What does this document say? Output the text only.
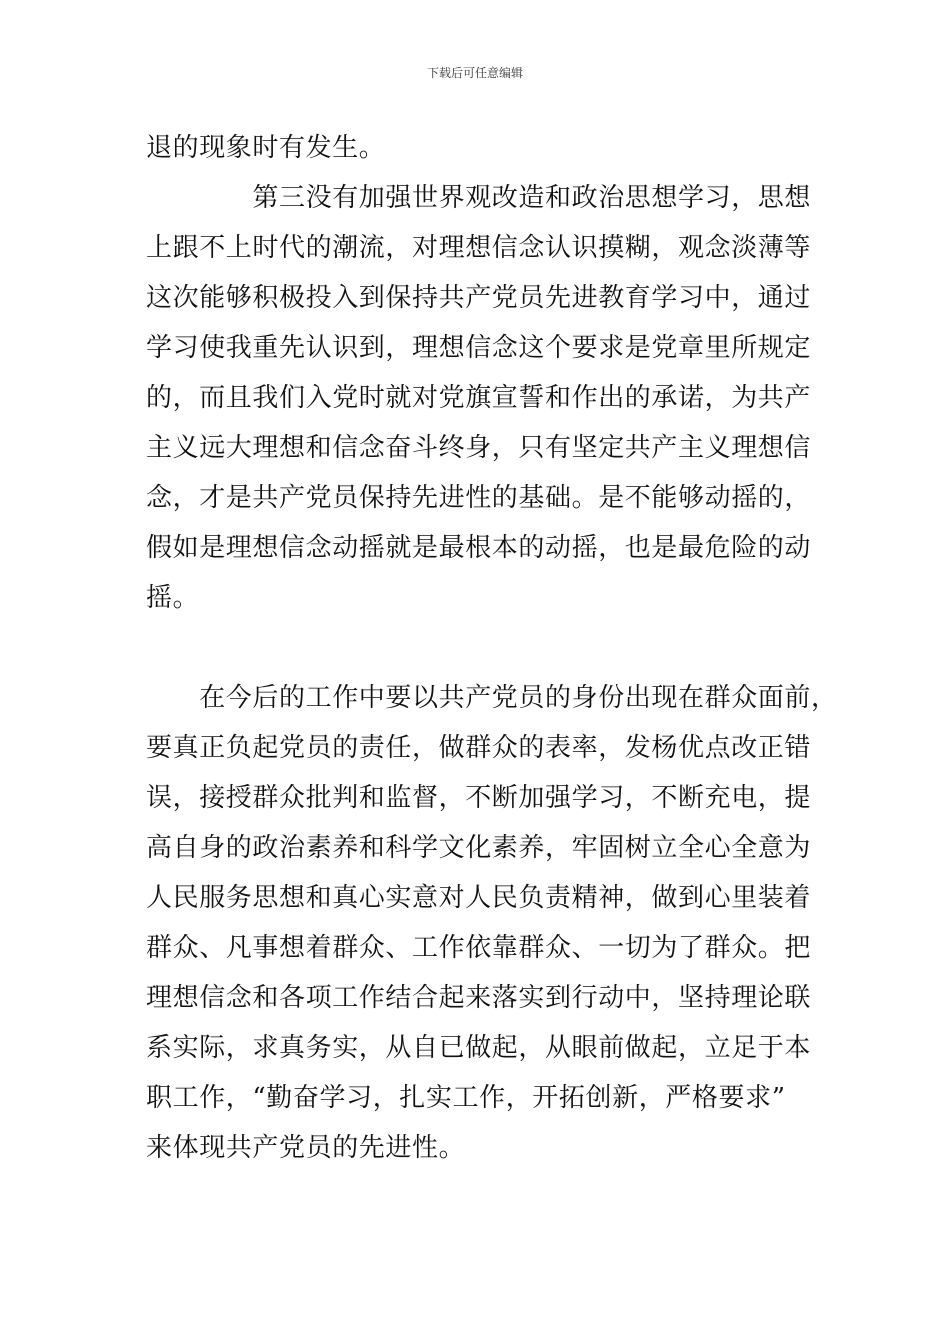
下载后可任意编辑
退的现象时有发生。
　　　　第三没有加强世界观改造和政治思想学习，思想
上跟不上时代的潮流，对理想信念认识摸糊，观念淡薄等
这次能够积极投入到保持共产党员先进教育学习中，通过
学习使我重先认识到，理想信念这个要求是党章里所规定
的，而且我们入党时就对党旗宣誓和作出的承诺，为共产
主义远大理想和信念奋斗终身，只有坚定共产主义理想信
念，才是共产党员保持先进性的基础。是不能够动摇的，
假如是理想信念动摇就是最根本的动摇，也是最危险的动
摇。
　　在今后的工作中要以共产党员的身份出现在群众面前，
要真正负起党员的责任，做群众的表率，发杨优点改正错
误，接授群众批判和监督，不断加强学习，不断充电，提
高自身的政治素养和科学文化素养，牢固树立全心全意为
人民服务思想和真心实意对人民负责精神，做到心里装着
群众、凡事想着群众、工作依靠群众、一切为了群众。把
理想信念和各项工作结合起来落实到行动中，坚持理论联
系实际，求真务实，从自已做起，从眼前做起，立足于本
职工作，“勤奋学习，扎实工作，开拓创新，严格要求”
来体现共产党员的先进性。
